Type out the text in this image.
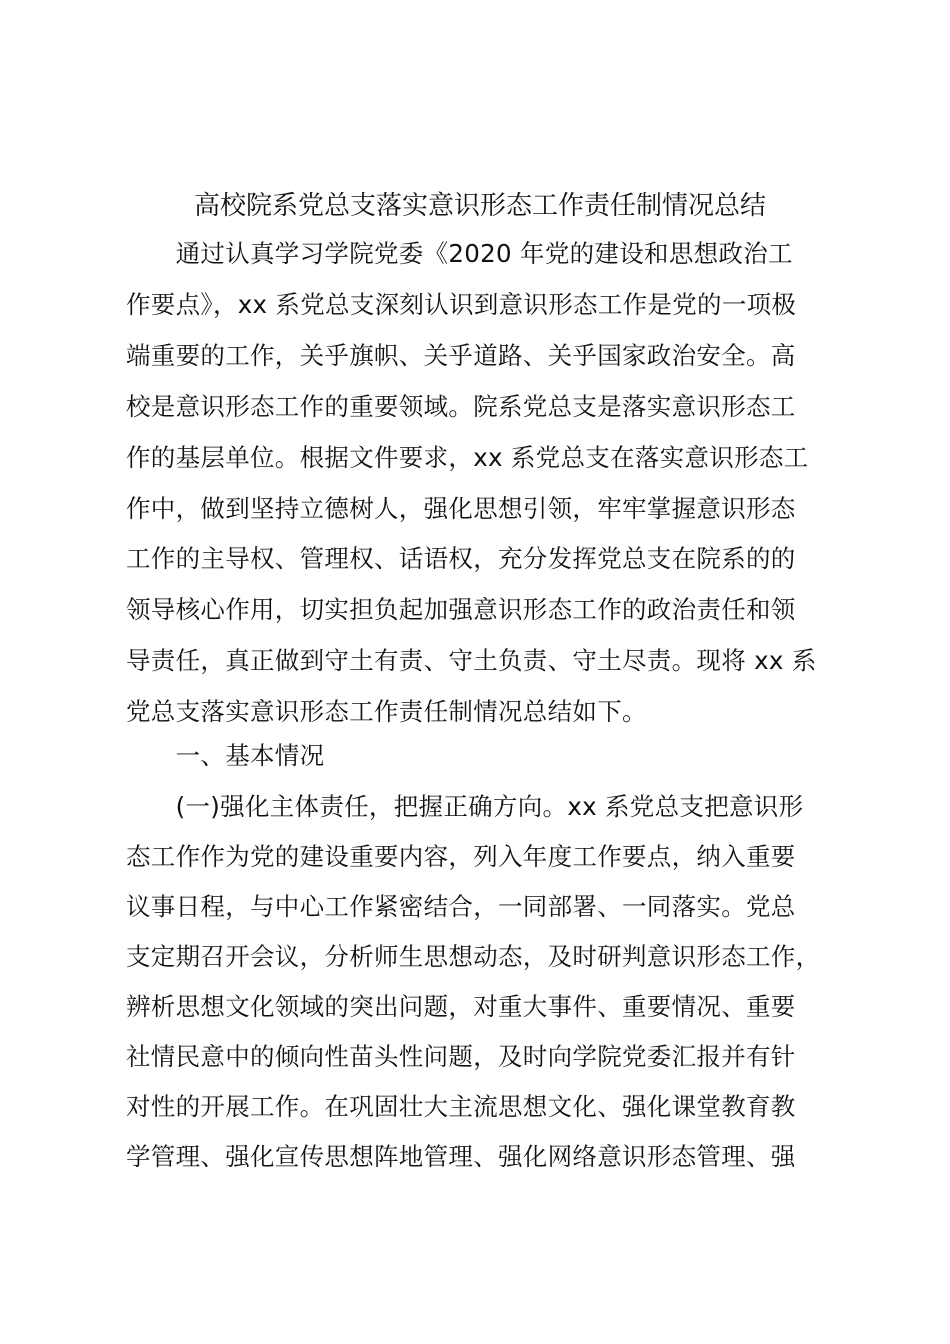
高校院系党总支落实意识形态工作责任制情况总结
　　通过认真学习学院党委《2020 年党的建设和思想政治工
作要点》，xx 系党总支深刻认识到意识形态工作是党的一项极
端重要的工作，关乎旗帜、关乎道路、关乎国家政治安全。高
校是意识形态工作的重要领域。院系党总支是落实意识形态工
作的基层单位。根据文件要求，xx 系党总支在落实意识形态工
作中，做到坚持立德树人，强化思想引领，牢牢掌握意识形态
工作的主导权、管理权、话语权，充分发挥党总支在院系的的
领导核心作用，切实担负起加强意识形态工作的政治责任和领
导责任，真正做到守土有责、守土负责、守土尽责。现将 xx 系
党总支落实意识形态工作责任制情况总结如下。
　　一、基本情况
　　(一)强化主体责任，把握正确方向。xx 系党总支把意识形
态工作作为党的建设重要内容，列入年度工作要点，纳入重要
议事日程，与中心工作紧密结合，一同部署、一同落实。党总
支定期召开会议，分析师生思想动态，及时研判意识形态工作，
辨析思想文化领域的突出问题，对重大事件、重要情况、重要
社情民意中的倾向性苗头性问题，及时向学院党委汇报并有针
对性的开展工作。在巩固壮大主流思想文化、强化课堂教育教
学管理、强化宣传思想阵地管理、强化网络意识形态管理、强
